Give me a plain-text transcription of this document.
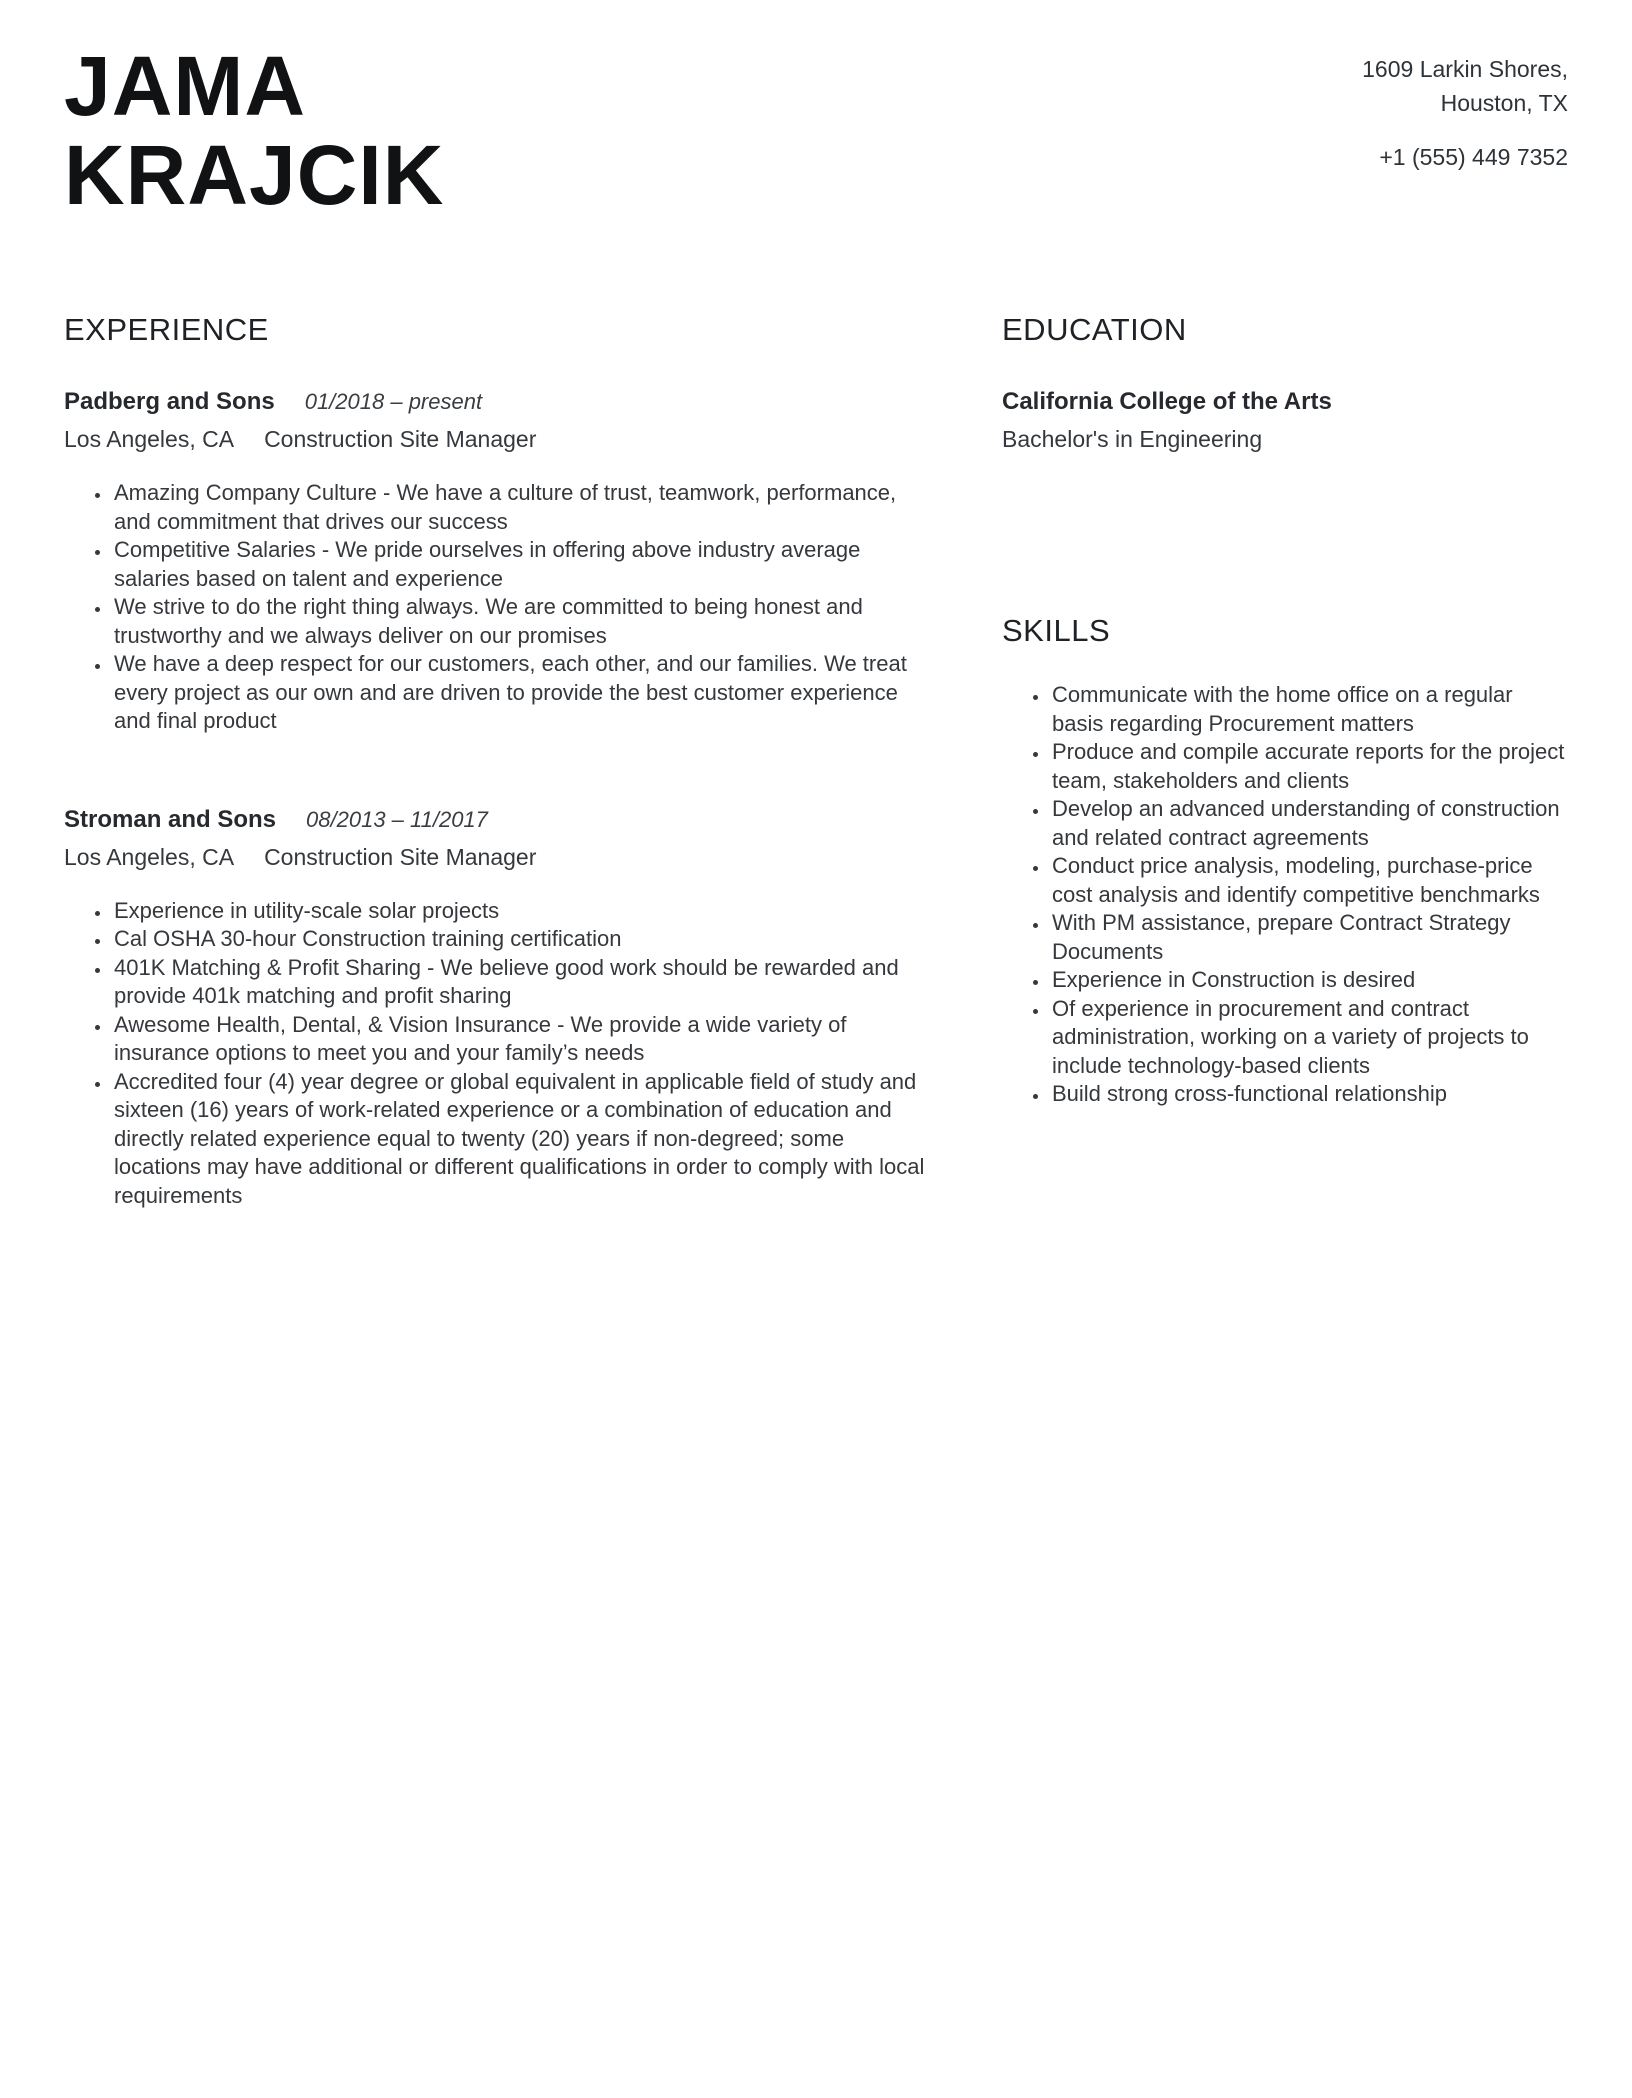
JAMA
KRAJCIK
1609 Larkin Shores,
Houston, TX
+1 (555) 449 7352
EXPERIENCE
Padberg and Sons 01/2018 – present
Los Angeles, CA Construction Site Manager
• Amazing Company Culture - We have a culture of trust, teamwork, performance, and commitment that drives our success
• Competitive Salaries - We pride ourselves in offering above industry average salaries based on talent and experience
• We strive to do the right thing always. We are committed to being honest and trustworthy and we always deliver on our promises
• We have a deep respect for our customers, each other, and our families. We treat every project as our own and are driven to provide the best customer experience and final product
Stroman and Sons 08/2013 – 11/2017
Los Angeles, CA Construction Site Manager
• Experience in utility-scale solar projects
• Cal OSHA 30-hour Construction training certification
• 401K Matching & Profit Sharing - We believe good work should be rewarded and provide 401k matching and profit sharing
• Awesome Health, Dental, & Vision Insurance - We provide a wide variety of insurance options to meet you and your family’s needs
• Accredited four (4) year degree or global equivalent in applicable field of study and sixteen (16) years of work-related experience or a combination of education and directly related experience equal to twenty (20) years if non-degreed; some locations may have additional or different qualifications in order to comply with local requirements
EDUCATION
California College of the Arts
Bachelor's in Engineering
SKILLS
• Communicate with the home office on a regular basis regarding Procurement matters
• Produce and compile accurate reports for the project team, stakeholders and clients
• Develop an advanced understanding of construction and related contract agreements
• Conduct price analysis, modeling, purchase-price cost analysis and identify competitive benchmarks
• With PM assistance, prepare Contract Strategy Documents
• Experience in Construction is desired
• Of experience in procurement and contract administration, working on a variety of projects to include technology-based clients
• Build strong cross-functional relationship
